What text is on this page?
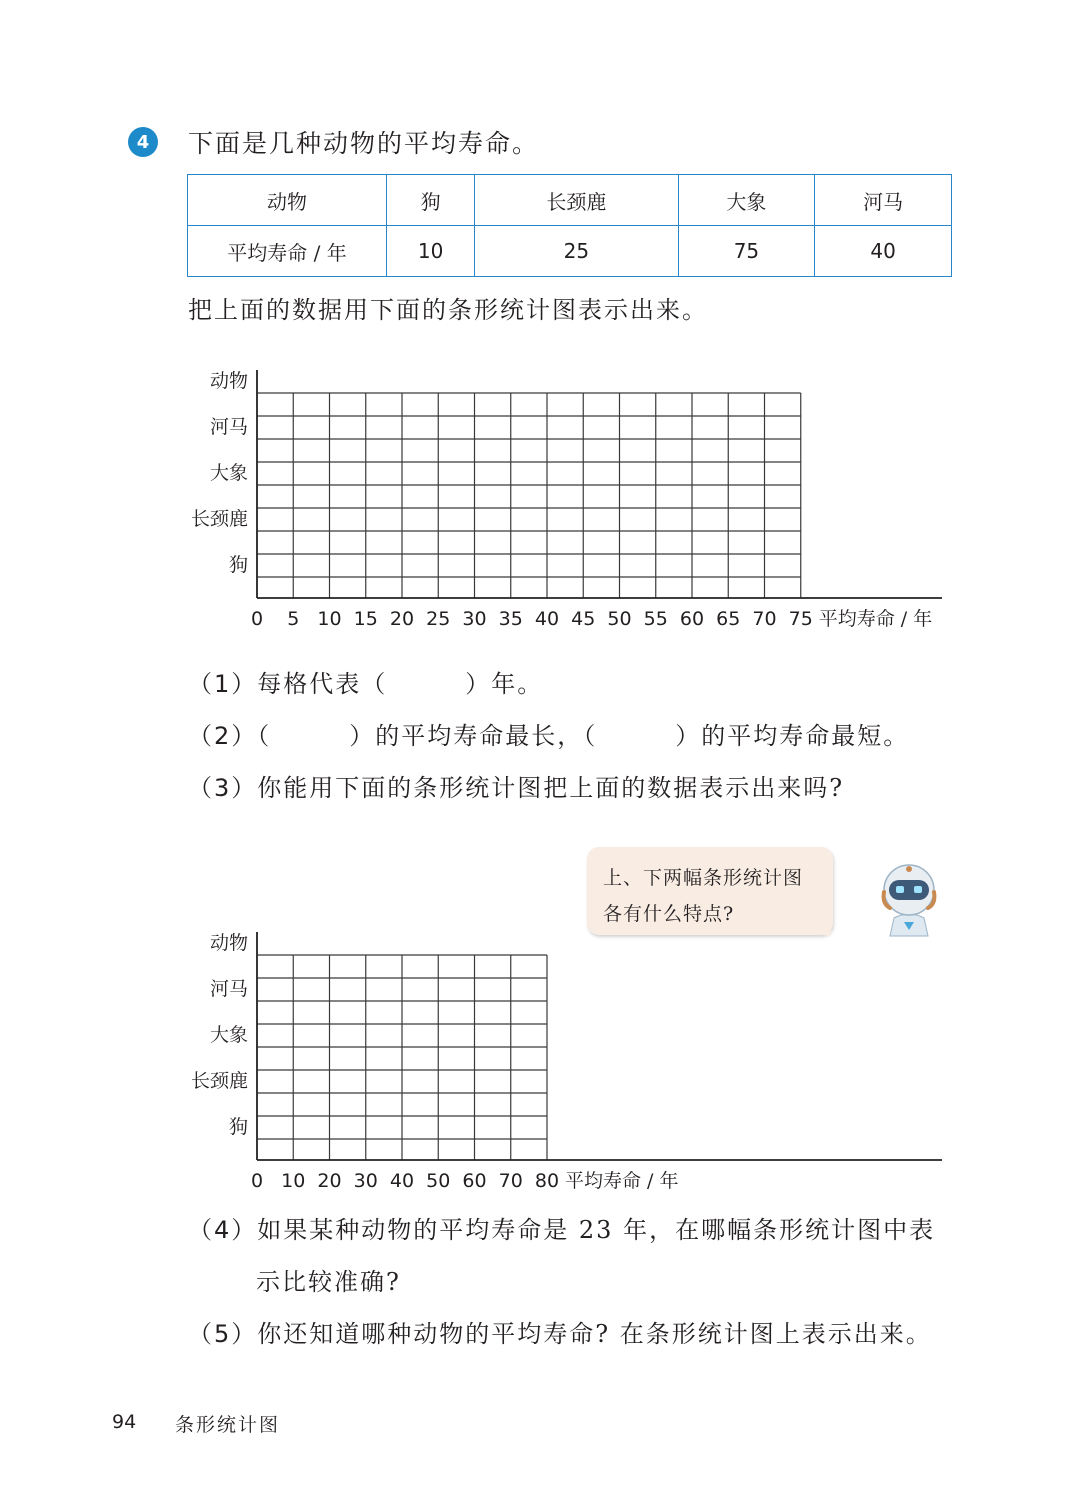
4	下面是几种动物的平均寿命。
动物	狗	长颈鹿	大象	河马
平均寿命 / 年	10	25	75	40
把上面的数据用下面的条形统计图表示出来。
动物
河马
大象
长颈鹿
狗
0 5 10 15 20 25 30 35 40 45 50 55 60 65 70 75 平均寿命 / 年
（1）每格代表（　　　）年。
（2）（　　　）的平均寿命最长，（　　　）的平均寿命最短。
（3）你能用下面的条形统计图把上面的数据表示出来吗?
上、下两幅条形统计图
各有什么特点?
动物
河马
大象
长颈鹿
狗
0 10 20 30 40 50 60 70 80 平均寿命 / 年
（4）如果某种动物的平均寿命是 23 年，在哪幅条形统计图中表
示比较准确?
（5）你还知道哪种动物的平均寿命? 在条形统计图上表示出来。
94 条形统计图
